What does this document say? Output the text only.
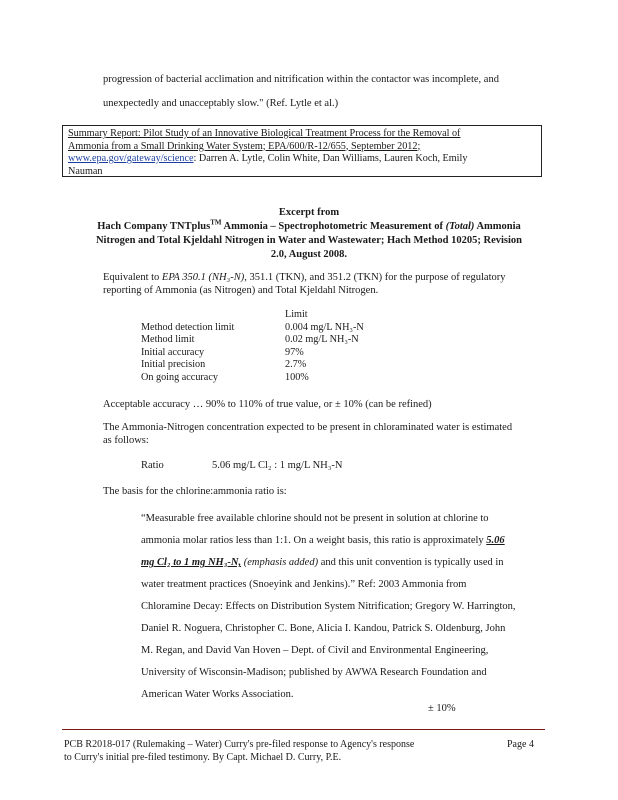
progression of bacterial acclimation and nitrification within the contactor was incomplete, and
unexpectedly and unacceptably slow." (Ref. Lytle et al.)
Summary Report: Pilot Study of an Innovative Biological Treatment Process for the Removal of
Ammonia from a Small Drinking Water System; EPA/600/R-12/655, September 2012;
www.epa.gov/gateway/science: Darren A. Lytle, Colin White, Dan Williams, Lauren Koch, Emily
Nauman
Excerpt from
Hach Company TNTplus™ Ammonia – Spectrophotometric Measurement of (Total) Ammonia
Nitrogen and Total Kjeldahl Nitrogen in Water and Wastewater; Hach Method 10205; Revision
2.0, August 2008.
Equivalent to EPA 350.1 (NH₃-N), 351.1 (TKN), and 351.2 (TKN) for the purpose of regulatory
reporting of Ammonia (as Nitrogen) and Total Kjeldahl Nitrogen.
	Limit
Method detection limit	0.004 mg/L NH₃-N
Method limit	0.02 mg/L NH₃-N
Initial accuracy	97%
Initial precision	2.7%
On going accuracy	100%
Acceptable accuracy … 90% to 110% of true value, or ± 10% (can be refined)
The Ammonia-Nitrogen concentration expected to be present in chloraminated water is estimated
as follows:
Ratio	5.06 mg/L Cl₂ : 1 mg/L NH₃-N
The basis for the chlorine:ammonia ratio is:
“Measurable free available chlorine should not be present in solution at chlorine to
ammonia molar ratios less than 1:1. On a weight basis, this ratio is approximately 5.06
mg Cl₂ to 1 mg NH₃-N, (emphasis added) and this unit convention is typically used in
water treatment practices (Snoeyink and Jenkins).” Ref: 2003 Ammonia from
Chloramine Decay: Effects on Distribution System Nitrification; Gregory W. Harrington,
Daniel R. Noguera, Christopher C. Bone, Alicia I. Kandou, Patrick S. Oldenburg, John
M. Regan, and David Van Hoven – Dept. of Civil and Environmental Engineering,
University of Wisconsin-Madison; published by AWWA Research Foundation and
American Water Works Association.
± 10%
PCB R2018-017 (Rulemaking – Water) Curry's pre-filed response to Agency's response
to Curry's initial pre-filed testimony. By Capt. Michael D. Curry, P.E.
Page 4
